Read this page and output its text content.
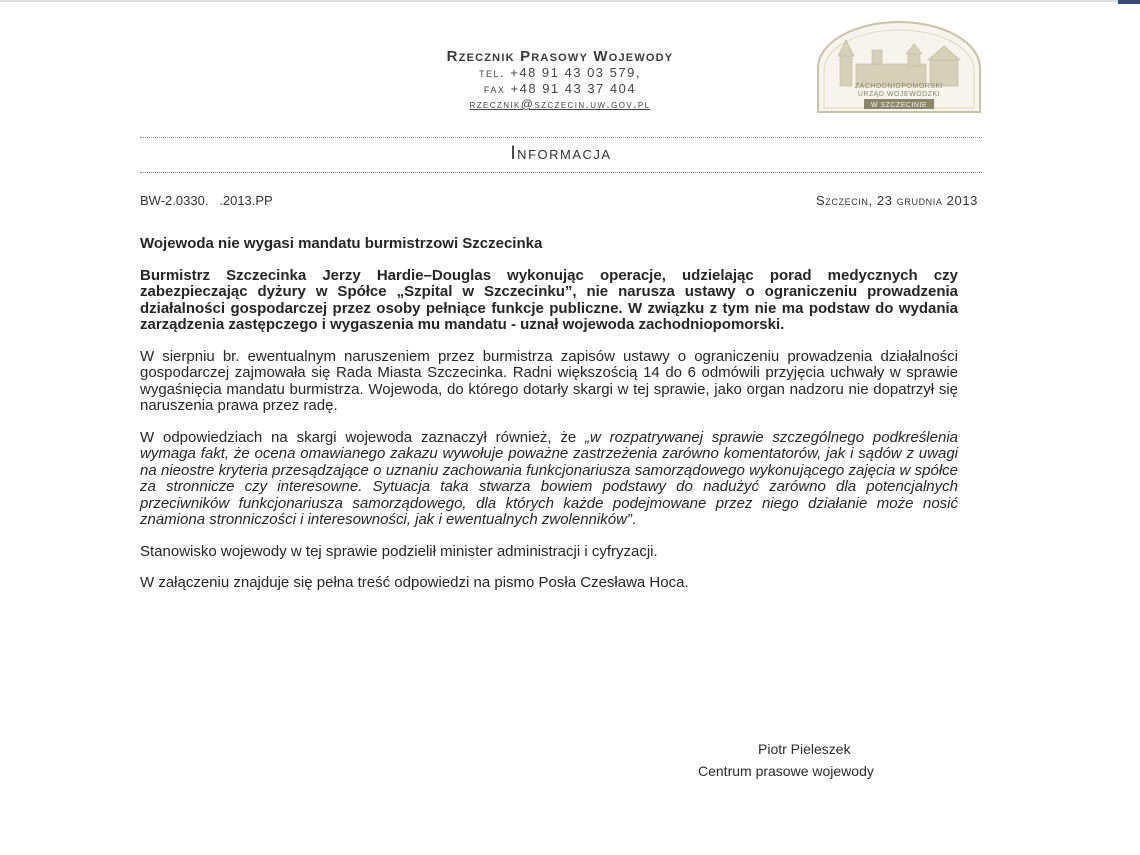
Rzecznik Prasowy Wojewody
tel. +48 91 43 03 579,
fax +48 91 43 37 404
rzecznik@szczecin.uw.gov.pl
ZACHODNIOPOMORSKI
URZĄD WOJEWÓDZKI
W SZCZECINIE
Informacja
BW-2.0330.   .2013.PP	Szczecin, 23 grudnia 2013

Wojewoda nie wygasi mandatu burmistrzowi Szczecinka

Burmistrz Szczecinka Jerzy Hardie–Douglas wykonując operacje, udzielając porad medycznych czy zabezpieczając dyżury w Spółce „Szpital w Szczecinku”, nie narusza ustawy o ograniczeniu prowadzenia działalności gospodarczej przez osoby pełniące funkcje publiczne. W związku z tym nie ma podstaw do wydania zarządzenia zastępczego i wygaszenia mu mandatu - uznał wojewoda zachodniopomorski.

W sierpniu br. ewentualnym naruszeniem przez burmistrza zapisów ustawy o ograniczeniu prowadzenia działalności gospodarczej zajmowała się Rada Miasta Szczecinka. Radni większością 14 do 6 odmówili przyjęcia uchwały w sprawie wygaśnięcia mandatu burmistrza. Wojewoda, do którego dotarły skargi w tej sprawie, jako organ nadzoru nie dopatrzył się naruszenia prawa przez radę.

W odpowiedziach na skargi wojewoda zaznaczył również, że „w rozpatrywanej sprawie szczególnego podkreślenia wymaga fakt, że ocena omawianego zakazu wywołuje poważne zastrzeżenia zarówno komentatorów, jak i sądów z uwagi na nieostre kryteria przesądzające o uznaniu zachowania funkcjonariusza samorządowego wykonującego zajęcia w spółce za stronnicze czy interesowne. Sytuacja taka stwarza bowiem podstawy do nadużyć zarówno dla potencjalnych przeciwników funkcjonariusza samorządowego, dla których każde podejmowane przez niego działanie może nosić znamiona stronniczości i interesowności, jak i ewentualnych zwolenników”.

Stanowisko wojewody w tej sprawie podzielił minister administracji i cyfryzacji.

W załączeniu znajduje się pełna treść odpowiedzi na pismo Posła Czesława Hoca.

Piotr Pieleszek
Centrum prasowe wojewody
